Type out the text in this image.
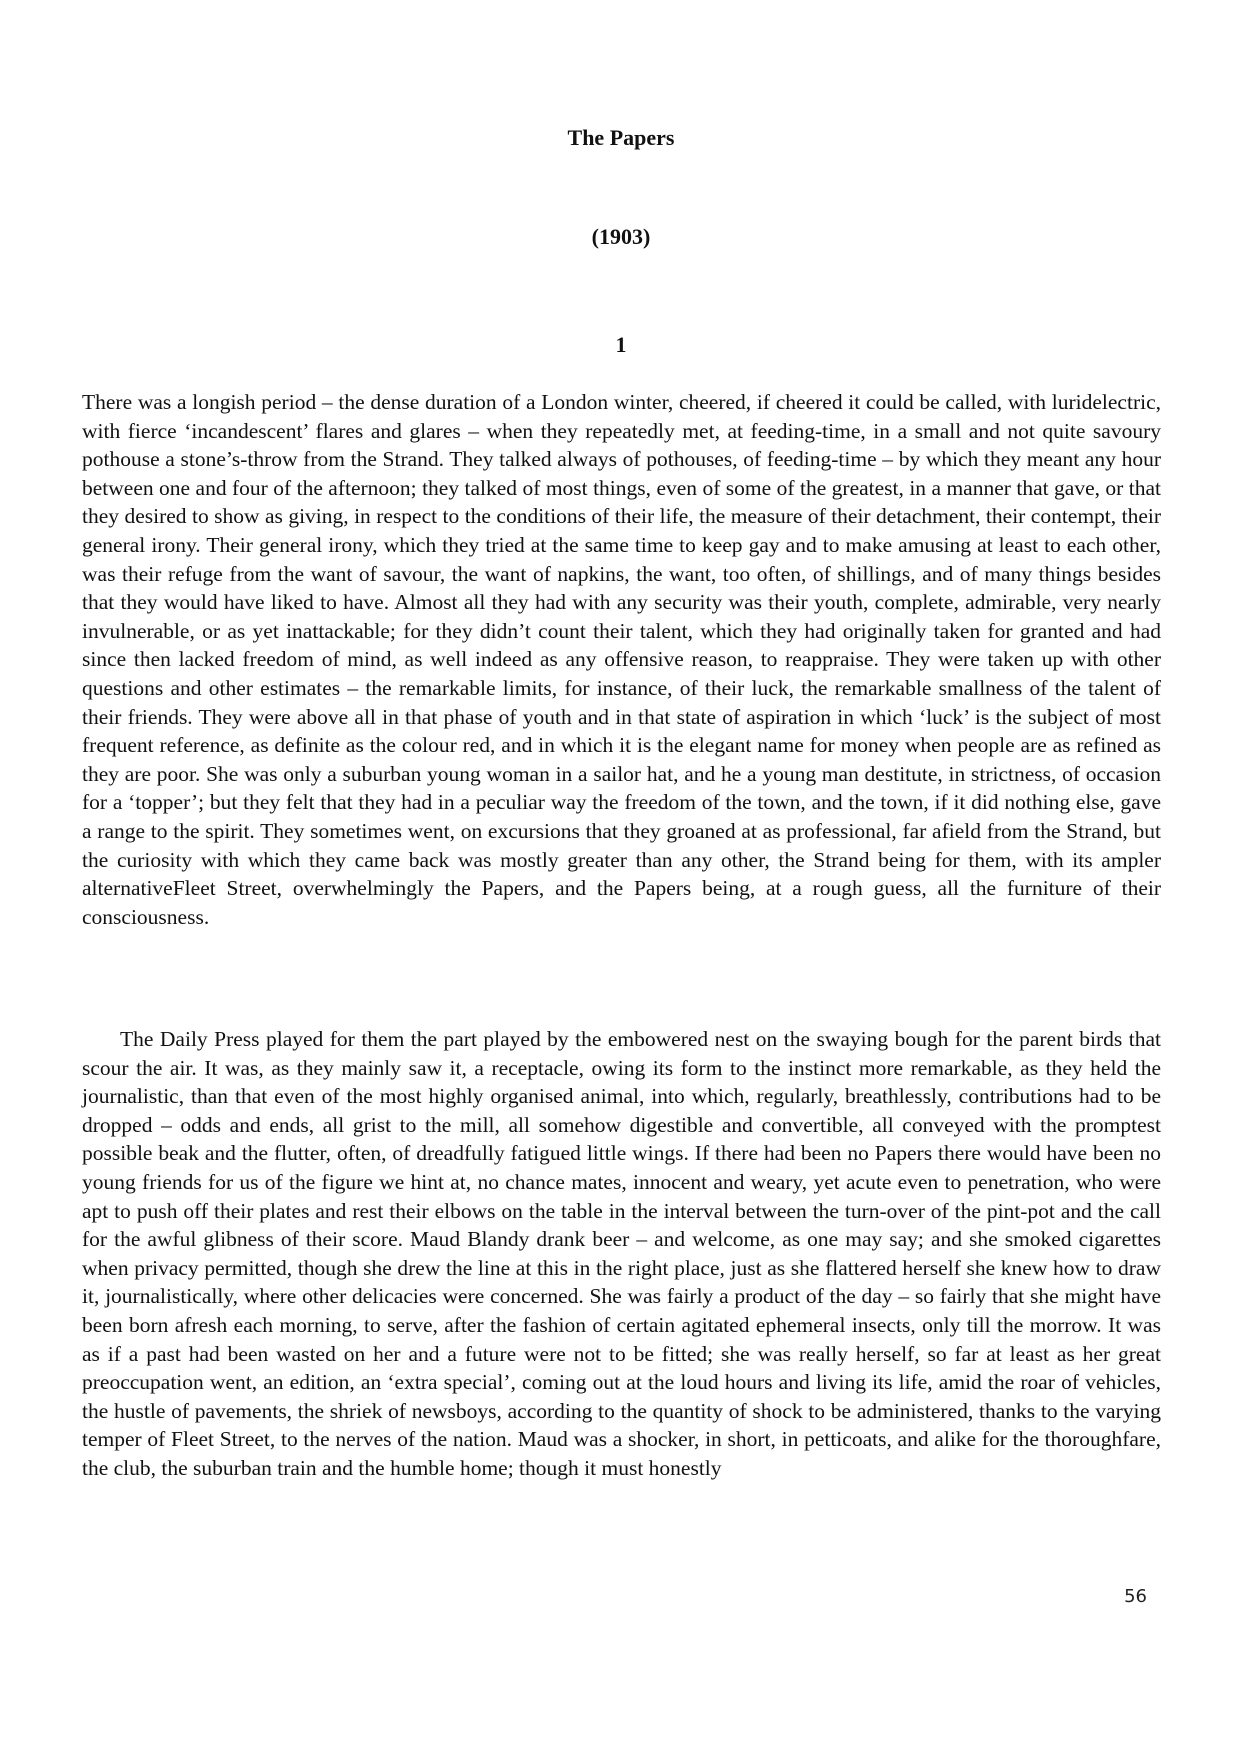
The Papers
(1903)
1

There was a longish period – the dense duration of a London winter, cheered, if cheered it could be called, with luridelectric, with fierce ‘incandescent’ flares and glares – when they repeatedly met, at feeding-time, in a small and not quite savoury pothouse a stone’s-throw from the Strand. They talked always of pothouses, of feeding-time – by which they meant any hour between one and four of the afternoon; they talked of most things, even of some of the greatest, in a manner that gave, or that they desired to show as giving, in respect to the conditions of their life, the measure of their detachment, their contempt, their general irony. Their general irony, which they tried at the same time to keep gay and to make amusing at least to each other, was their refuge from the want of savour, the want of napkins, the want, too often, of shillings, and of many things besides that they would have liked to have. Almost all they had with any security was their youth, complete, admirable, very nearly invulnerable, or as yet inattackable; for they didn’t count their talent, which they had originally taken for granted and had since then lacked freedom of mind, as well indeed as any offensive reason, to reappraise. They were taken up with other questions and other estimates – the remarkable limits, for instance, of their luck, the remarkable smallness of the talent of their friends. They were above all in that phase of youth and in that state of aspiration in which ‘luck’ is the subject of most frequent reference, as definite as the colour red, and in which it is the elegant name for money when people are as refined as they are poor. She was only a suburban young woman in a sailor hat, and he a young man destitute, in strictness, of occasion for a ‘topper’; but they felt that they had in a peculiar way the freedom of the town, and the town, if it did nothing else, gave a range to the spirit. They sometimes went, on excursions that they groaned at as professional, far afield from the Strand, but the curiosity with which they came back was mostly greater than any other, the Strand being for them, with its ampler alternativeFleet Street, overwhelmingly the Papers, and the Papers being, at a rough guess, all the furniture of their consciousness.

The Daily Press played for them the part played by the embowered nest on the swaying bough for the parent birds that scour the air. It was, as they mainly saw it, a receptacle, owing its form to the instinct more remarkable, as they held the journalistic, than that even of the most highly organised animal, into which, regularly, breathlessly, contributions had to be dropped – odds and ends, all grist to the mill, all somehow digestible and convertible, all conveyed with the promptest possible beak and the flutter, often, of dreadfully fatigued little wings. If there had been no Papers there would have been no young friends for us of the figure we hint at, no chance mates, innocent and weary, yet acute even to penetration, who were apt to push off their plates and rest their elbows on the table in the interval between the turn-over of the pint-pot and the call for the awful glibness of their score. Maud Blandy drank beer – and welcome, as one may say; and she smoked cigarettes when privacy permitted, though she drew the line at this in the right place, just as she flattered herself she knew how to draw it, journalistically, where other delicacies were concerned. She was fairly a product of the day – so fairly that she might have been born afresh each morning, to serve, after the fashion of certain agitated ephemeral insects, only till the morrow. It was as if a past had been wasted on her and a future were not to be fitted; she was really herself, so far at least as her great preoccupation went, an edition, an ‘extra special’, coming out at the loud hours and living its life, amid the roar of vehicles, the hustle of pavements, the shriek of newsboys, according to the quantity of shock to be administered, thanks to the varying temper of Fleet Street, to the nerves of the nation. Maud was a shocker, in short, in petticoats, and alike for the thoroughfare, the club, the suburban train and the humble home; though it must honestly

56
